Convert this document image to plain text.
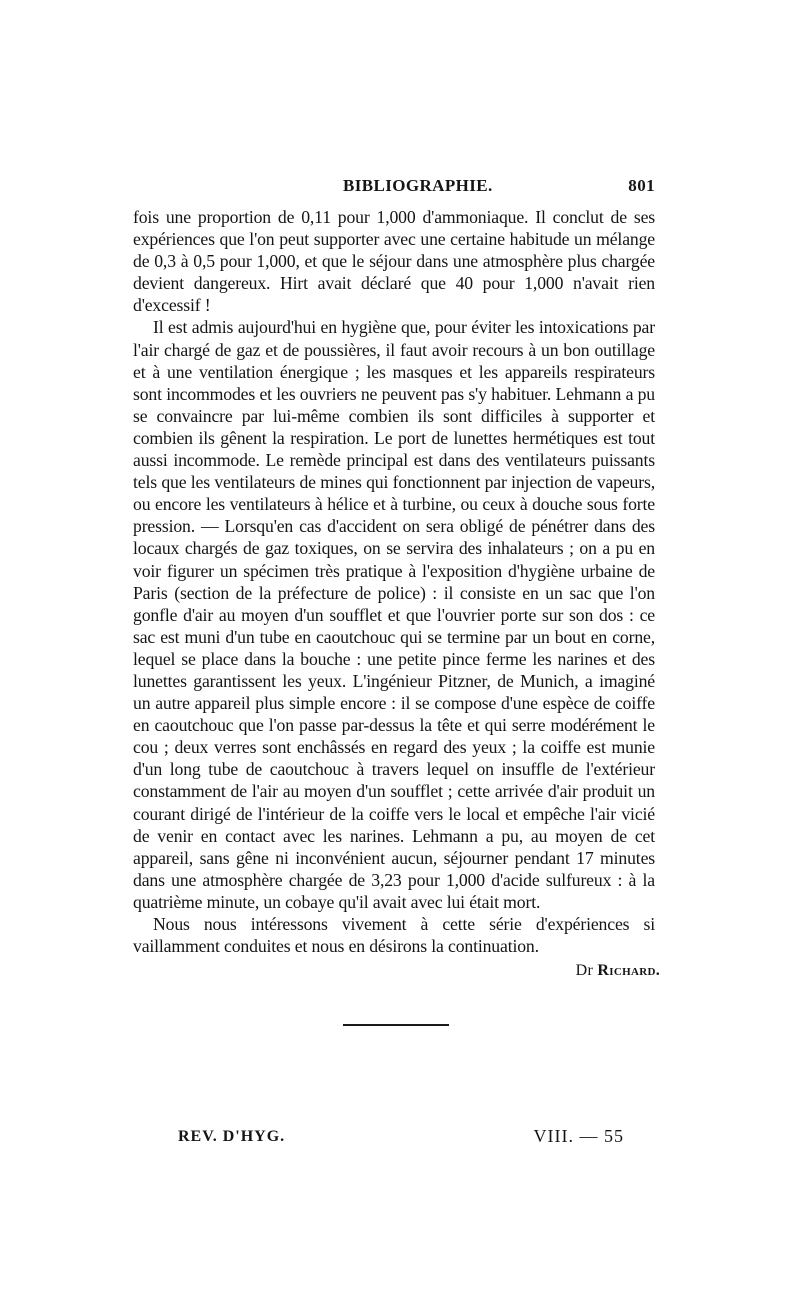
BIBLIOGRAPHIE.	801

fois une proportion de 0,11 pour 1,000 d'ammoniaque. Il conclut de ses expériences que l'on peut supporter avec une certaine habitude un mélange de 0,3 à 0,5 pour 1,000, et que le séjour dans une atmosphère plus chargée devient dangereux. Hirt avait déclaré que 40 pour 1,000 n'avait rien d'excessif !

Il est admis aujourd'hui en hygiène que, pour éviter les intoxications par l'air chargé de gaz et de poussières, il faut avoir recours à un bon outillage et à une ventilation énergique ; les masques et les appareils respirateurs sont incommodes et les ouvriers ne peuvent pas s'y habituer. Lehmann a pu se convaincre par lui-même combien ils sont difficiles à supporter et combien ils gênent la respiration. Le port de lunettes hermétiques est tout aussi incommode. Le remède principal est dans des ventilateurs puissants tels que les ventilateurs de mines qui fonctionnent par injection de vapeurs, ou encore les ventilateurs à hélice et à turbine, ou ceux à douche sous forte pression. — Lorsqu'en cas d'accident on sera obligé de pénétrer dans des locaux chargés de gaz toxiques, on se servira des inhalateurs ; on a pu en voir figurer un spécimen très pratique à l'exposition d'hygiène urbaine de Paris (section de la préfecture de police) : il consiste en un sac que l'on gonfle d'air au moyen d'un soufflet et que l'ouvrier porte sur son dos : ce sac est muni d'un tube en caoutchouc qui se termine par un bout en corne, lequel se place dans la bouche : une petite pince ferme les narines et des lunettes garantissent les yeux. L'ingénieur Pitzner, de Munich, a imaginé un autre appareil plus simple encore : il se compose d'une espèce de coiffe en caoutchouc que l'on passe par-dessus la tête et qui serre modérément le cou ; deux verres sont enchâssés en regard des yeux ; la coiffe est munie d'un long tube de caoutchouc à travers lequel on insuffle de l'extérieur constamment de l'air au moyen d'un soufflet ; cette arrivée d'air produit un courant dirigé de l'intérieur de la coiffe vers le local et empêche l'air vicié de venir en contact avec les narines. Lehmann a pu, au moyen de cet appareil, sans gêne ni inconvénient aucun, séjourner pendant 17 minutes dans une atmosphère chargée de 3,23 pour 1,000 d'acide sulfureux : à la quatrième minute, un cobaye qu'il avait avec lui était mort.

Nous nous intéressons vivement à cette série d'expériences si vaillamment conduites et nous en désirons la continuation.

Dr Richard.
REV. D'HYG.	VIII. — 55
